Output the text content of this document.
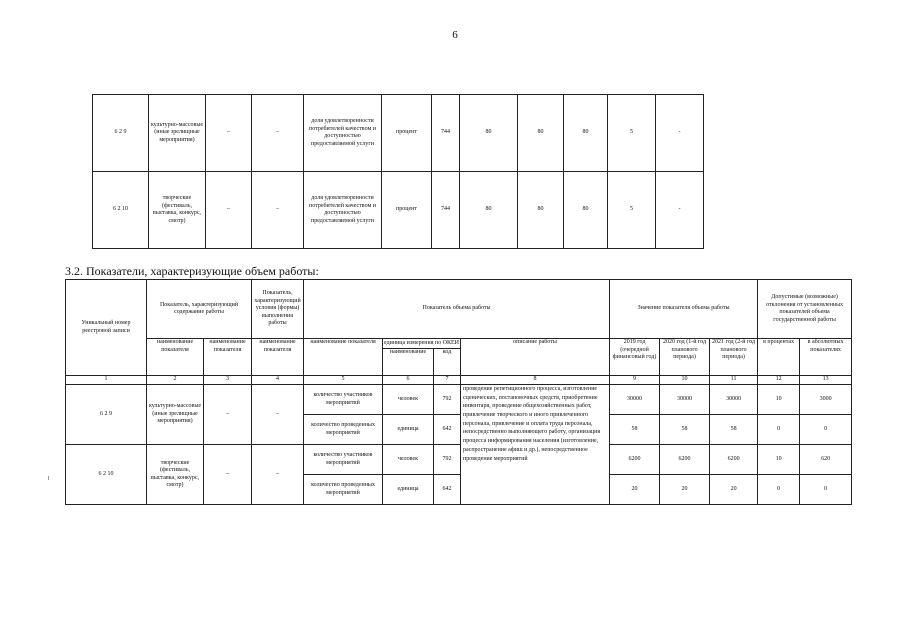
6
6 2 9	культурно-массовые (иные зрелищные мероприятия)	–	–	доля удовлетворенности потребителей качеством и доступностью предоставляемой услуги	процент	744	80	80	80	5	-
6 2 10	творческие (фестиваль, выставка, конкурс, смотр)	–	–	доля удовлетворенности потребителей качеством и доступностью предоставляемой услуги	процент	744	80	80	80	5	-
3.2. Показатели, характеризующие объем работы:
Уникальный номер реестровой записи	Показатель, характеризующий содержание работы		Показатель, характеризующий условия (формы) выполнения работы	Показатель объема работы				Значение показателя объема работы			Допустимые (возможные) отклонения от установленных показателей объема государственной работы	
	наименование показателя	наименование показателя	наименование показателя	наименование показателя	единица измерения по ОКЕИ		описание работы	2019 год (очередной финансовый год)	2020 год (1-й год планового периода)	2021 год (2-й год планового периода)	в процентах	в абсолютных показателях
					наименование	код						
1	2	3	4	5	6	7	8	9	10	11	12	13
6 2 9	культурно-массовые (иные зрелищные мероприятия)	–	–	количество участников мероприятий	человек	792	проведение репетиционного процесса, изготовление сценических, постановочных средств, приобретение инвентаря, проведение общехозяйственных работ, привлечение творческого и иного привлеченного персонала, привлечение и оплата труда персонала, непосредственно выполняющего работу, организация процесса информирования населения (изготовление, распространение афиш и др.), непосредственное проведение мероприятий	30000	30000	30000	10	3000
				количество проведенных мероприятий	единица	642		58	58	58	0	0
6 2 10	творческие (фестиваль, выставка, конкурс, смотр)	–	–	количество участников мероприятий	человек	792		6200	6200	6200	10	620
				количество проведенных мероприятий	единица	642		20	20	20	0	0
